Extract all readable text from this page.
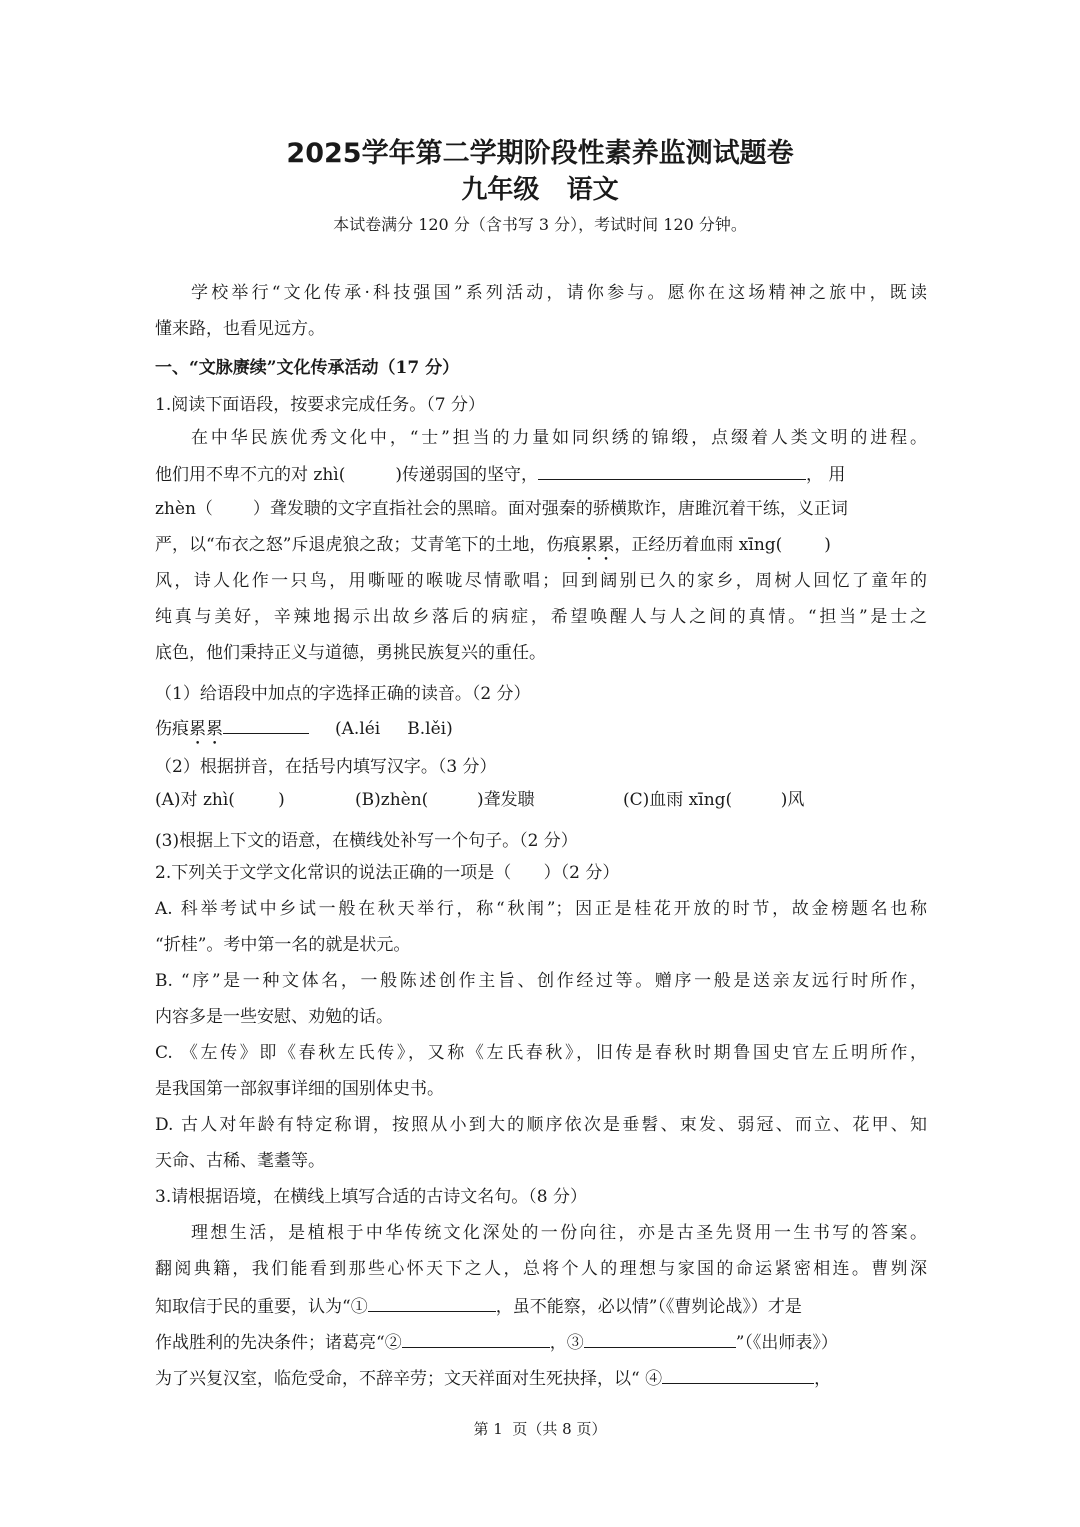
2025学年第二学期阶段性素养监测试题卷
九年级   语文
本试卷满分 120 分（含书写 3 分），考试时间 120 分钟。
学校举行“文化传承·科技强国”系列活动，请你参与。愿你在这场精神之旅中，既读
懂来路，也看见远方。
一、“文脉赓续”文化传承活动（17 分）
1.阅读下面语段，按要求完成任务。（7 分）
在中华民族优秀文化中，“士”担当的力量如同织绣的锦缎，点缀着人类文明的进程。
他们用不卑不亢的对 zhì(	)传递弱国的坚守，	， 用
zhèn（ ）聋发聩的文字直指社会的黑暗。面对强秦的骄横欺诈，唐雎沉着干练，义正词
严，以“布衣之怒”斥退虎狼之敌；艾青笔下的土地，伤痕累累，正经历着血雨 xīng( )
风，诗人化作一只鸟，用嘶哑的喉咙尽情歌唱；回到阔别已久的家乡，周树人回忆了童年的
纯真与美好，辛辣地揭示出故乡落后的病症，希望唤醒人与人之间的真情。“担当”是士之
底色，他们秉持正义与道德，勇挑民族复兴的重任。
（1）给语段中加点的字选择正确的读音。（2 分）
伤痕累累	(A.léi     B.lěi)
（2）根据拼音，在括号内填写汉字。（3 分）
(A)对 zhì(        )	(B)zhèn(         )聋发聩	(C)血雨 xīng(         )风
(3)根据上下文的语意，在横线处补写一个句子。（2 分）
2.下列关于文学文化常识的说法正确的一项是（      ）（2 分）
A. 科举考试中乡试一般在秋天举行，称“秋闱”；因正是桂花开放的时节，故金榜题名也称
“折桂”。考中第一名的就是状元。
B. “序”是一种文体名，一般陈述创作主旨、创作经过等。赠序一般是送亲友远行时所作，
内容多是一些安慰、劝勉的话。
C. 《左传》即《春秋左氏传》，又称《左氏春秋》，旧传是春秋时期鲁国史官左丘明所作，
是我国第一部叙事详细的国别体史书。
D. 古人对年龄有特定称谓，按照从小到大的顺序依次是垂髫、束发、弱冠、而立、花甲、知
天命、古稀、耄耋等。
3.请根据语境，在横线上填写合适的古诗文名句。（8 分）
理想生活，是植根于中华传统文化深处的一份向往，亦是古圣先贤用一生书写的答案。
翻阅典籍，我们能看到那些心怀天下之人，总将个人的理想与家国的命运紧密相连。曹刿深
知取信于民的重要，认为“①	，虽不能察，必以情”（《曹刿论战》）才是
作战胜利的先决条件；诸葛亮“②	，③	”（《出师表》）
为了兴复汉室，临危受命，不辞辛劳；文天祥面对生死抉择，以“ ④	，
第 1  页（共 8 页）
